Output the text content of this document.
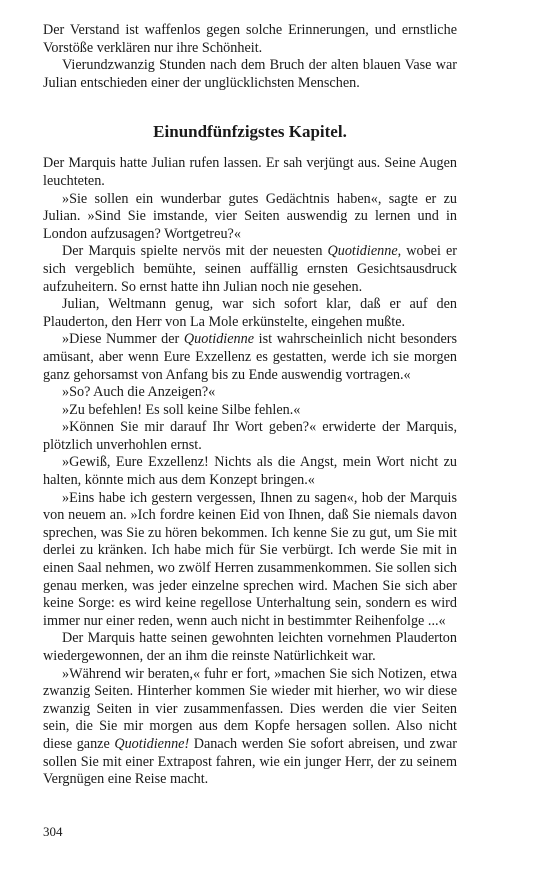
Der Verstand ist waffenlos gegen solche Erinnerungen, und ernstliche Vorstöße verklären nur ihre Schönheit.

Vierundzwanzig Stunden nach dem Bruch der alten blauen Vase war Julian entschieden einer der unglücklichsten Menschen.

Einundfünfzigstes Kapitel.

Der Marquis hatte Julian rufen lassen. Er sah verjüngt aus. Seine Augen leuchteten.

»Sie sollen ein wunderbar gutes Gedächtnis haben«, sagte er zu Julian. »Sind Sie imstande, vier Seiten auswendig zu lernen und in London aufzusagen? Wortgetreu?«

Der Marquis spielte nervös mit der neuesten Quotidienne, wobei er sich vergeblich bemühte, seinen auffällig ernsten Gesichtsausdruck aufzuheitern. So ernst hatte ihn Julian noch nie gesehen.

Julian, Weltmann genug, war sich sofort klar, daß er auf den Plauderton, den Herr von La Mole erkünstelte, eingehen mußte.

»Diese Nummer der Quotidienne ist wahrscheinlich nicht besonders amüsant, aber wenn Eure Exzellenz es gestatten, werde ich sie morgen ganz gehorsamst von Anfang bis zu Ende auswendig vortragen.«

»So? Auch die Anzeigen?«

»Zu befehlen! Es soll keine Silbe fehlen.«

»Können Sie mir darauf Ihr Wort geben?« erwiderte der Marquis, plötzlich unverhohlen ernst.

»Gewiß, Eure Exzellenz! Nichts als die Angst, mein Wort nicht zu halten, könnte mich aus dem Konzept bringen.«

»Eins habe ich gestern vergessen, Ihnen zu sagen«, hob der Marquis von neuem an. »Ich fordre keinen Eid von Ihnen, daß Sie niemals davon sprechen, was Sie zu hören bekommen. Ich kenne Sie zu gut, um Sie mit derlei zu kränken. Ich habe mich für Sie verbürgt. Ich werde Sie mit in einen Saal nehmen, wo zwölf Herren zusammenkommen. Sie sollen sich genau merken, was jeder einzelne sprechen wird. Machen Sie sich aber keine Sorge: es wird keine regellose Unterhaltung sein, sondern es wird immer nur einer reden, wenn auch nicht in bestimmter Reihenfolge ...«

Der Marquis hatte seinen gewohnten leichten vornehmen Plauderton wiedergewonnen, der an ihm die reinste Natürlichkeit war.

»Während wir beraten,« fuhr er fort, »machen Sie sich Notizen, etwa zwanzig Seiten. Hinterher kommen Sie wieder mit hierher, wo wir diese zwanzig Seiten in vier zusammenfassen. Dies werden die vier Seiten sein, die Sie mir morgen aus dem Kopfe hersagen sollen. Also nicht diese ganze Quotidienne! Danach werden Sie sofort abreisen, und zwar sollen Sie mit einer Extrapost fahren, wie ein junger Herr, der zu seinem Vergnügen eine Reise macht.

304
